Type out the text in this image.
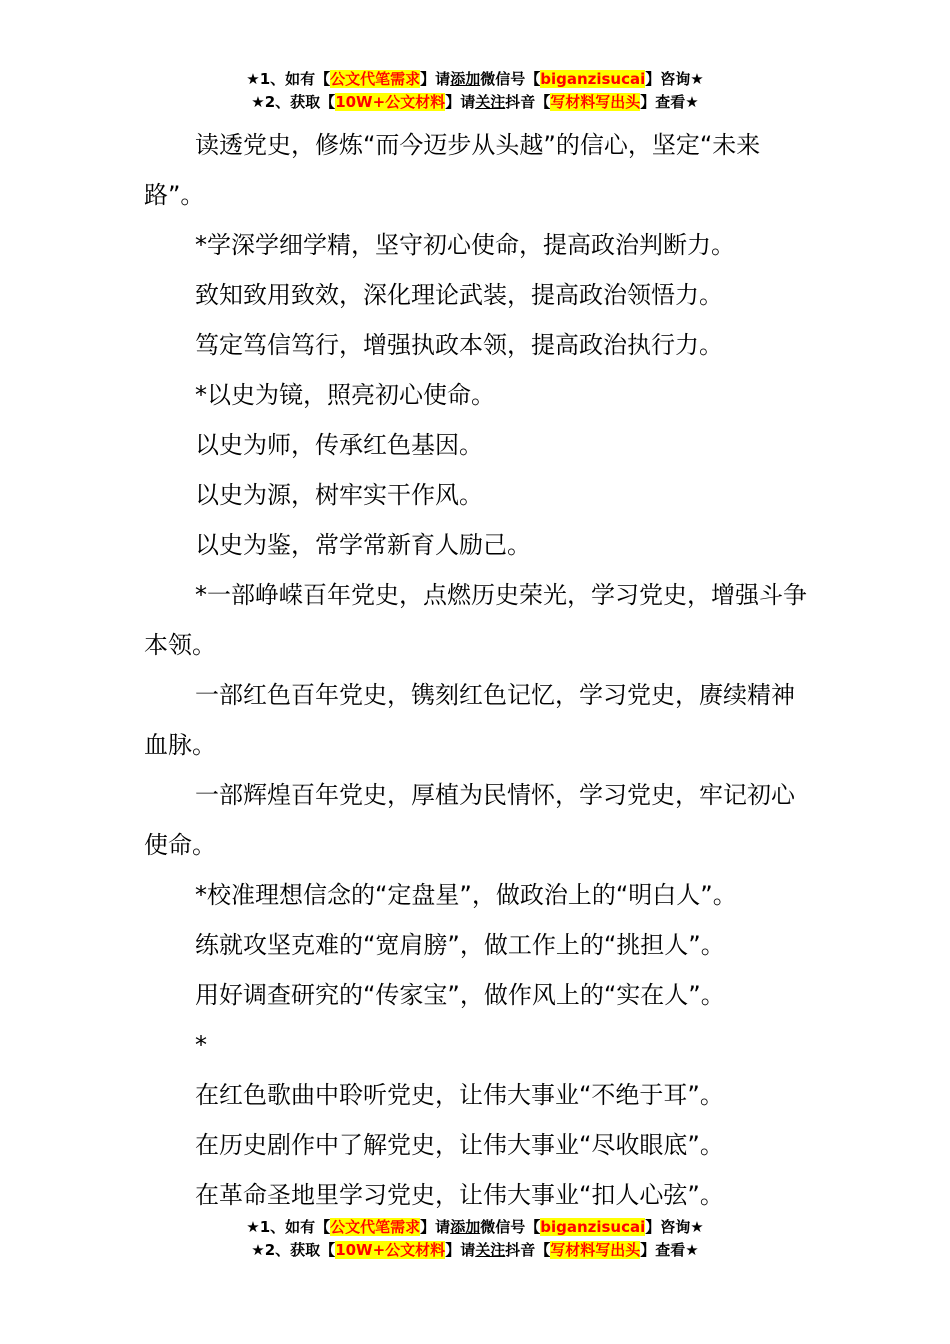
★1、如有【公文代笔需求】请添加微信号【biganzisucai】咨询★
★2、获取【10W+公文材料】请关注抖音【写材料写出头】查看★

读透党史，修炼“而今迈步从头越”的信心，坚定“未来路”。

*学深学细学精，坚守初心使命，提高政治判断力。

致知致用致效，深化理论武装，提高政治领悟力。

笃定笃信笃行，增强执政本领，提高政治执行力。

*以史为镜，照亮初心使命。

以史为师，传承红色基因。

以史为源，树牢实干作风。

以史为鉴，常学常新育人励己。

*一部峥嵘百年党史，点燃历史荣光，学习党史，增强斗争本领。

一部红色百年党史，镌刻红色记忆，学习党史，赓续精神血脉。

一部辉煌百年党史，厚植为民情怀，学习党史，牢记初心使命。

*校准理想信念的“定盘星”，做政治上的“明白人”。

练就攻坚克难的“宽肩膀”，做工作上的“挑担人”。

用好调查研究的“传家宝”，做作风上的“实在人”。

*

在红色歌曲中聆听党史，让伟大事业“不绝于耳”。

在历史剧作中了解党史，让伟大事业“尽收眼底”。

在革命圣地里学习党史，让伟大事业“扣人心弦”。

★1、如有【公文代笔需求】请添加微信号【biganzisucai】咨询★
★2、获取【10W+公文材料】请关注抖音【写材料写出头】查看★
